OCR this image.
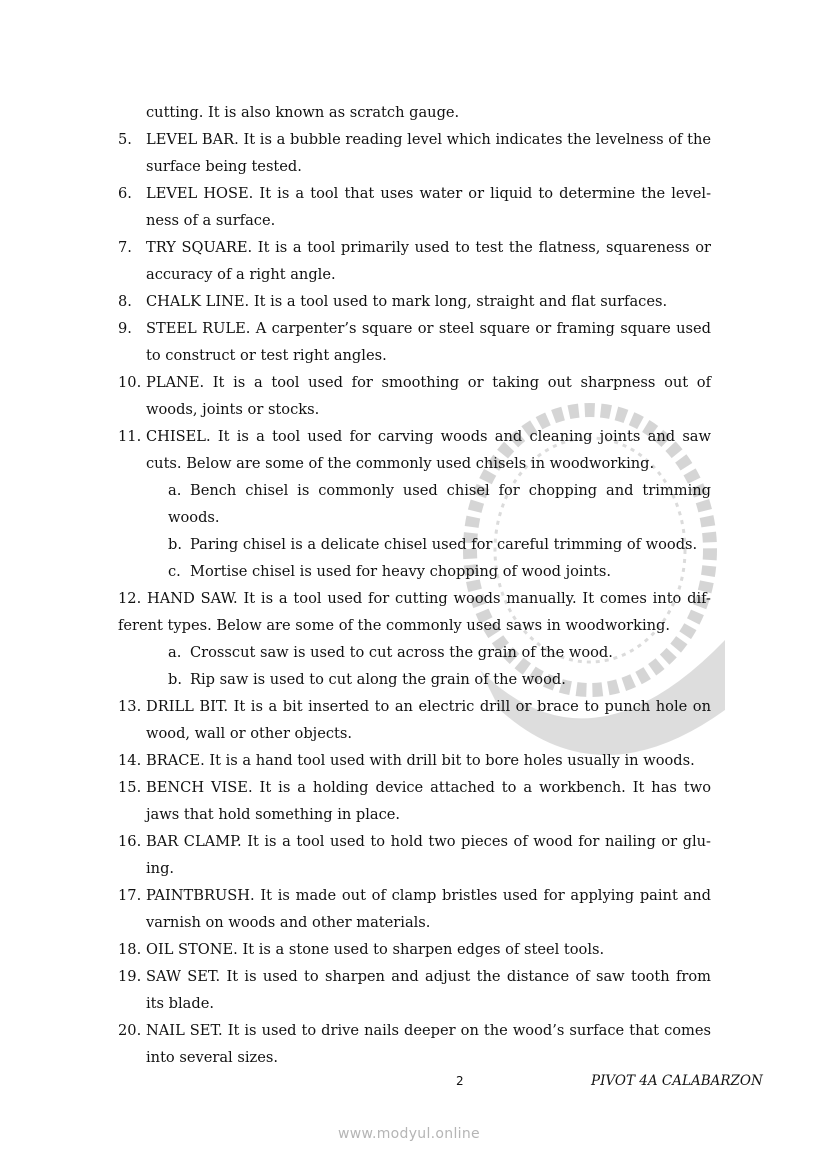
cutting. It is also known as scratch gauge.
5. LEVEL BAR. It is a bubble reading level which indicates the levelness of the
surface being tested.
6. LEVEL HOSE. It is a tool that uses water or liquid to determine the level-
ness of a surface.
7. TRY SQUARE. It is a tool primarily used to test the flatness, squareness or
accuracy of a right angle.
8. CHALK LINE. It is a tool used to mark long, straight and flat surfaces.
9. STEEL RULE. A carpenter’s square or steel square or framing square used
to construct or test right angles.
10. PLANE. It is a tool used for smoothing or taking out sharpness out of
woods, joints or stocks.
11. CHISEL. It is a tool used for carving woods and cleaning joints and saw
cuts. Below are some of the commonly used chisels in woodworking.
a. Bench chisel is commonly used chisel for chopping and trimming
woods.
b. Paring chisel is a delicate chisel used for careful trimming of woods.
c. Mortise chisel is used for heavy chopping of wood joints.
12. HAND SAW. It is a tool used for cutting woods manually. It comes into dif-
ferent types. Below are some of the commonly used saws in woodworking.
a. Crosscut saw is used to cut across the grain of the wood.
b. Rip saw is used to cut along the grain of the wood.
13. DRILL BIT. It is a bit inserted to an electric drill or brace to punch hole on
wood, wall or other objects.
14. BRACE. It is a hand tool used with drill bit to bore holes usually in woods.
15. BENCH VISE. It is a holding device attached to a workbench. It has two
jaws that hold something in place.
16. BAR CLAMP. It is a tool used to hold two pieces of wood for nailing or glu-
ing.
17. PAINTBRUSH. It is made out of clamp bristles used for applying paint and
varnish on woods and other materials.
18. OIL STONE. It is a stone used to sharpen edges of steel tools.
19. SAW SET. It is used to sharpen and adjust the distance of saw tooth from
its blade.
20. NAIL SET. It is used to drive nails deeper on the wood’s surface that comes
into several sizes.
2	PIVOT 4A CALABARZON
www.modyul.online
